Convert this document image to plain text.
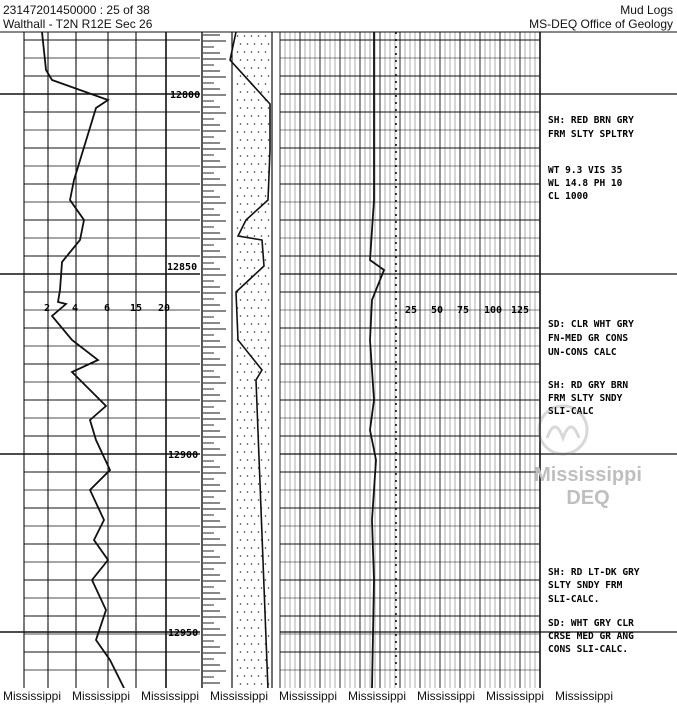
23147201450000 : 25 of 38
Walthall - T2N R12E Sec 26
Mud Logs
MS-DEQ Office of Geology
12800
12850
12900
12950
2 4	6 15 20	25 50 75 100 125
SH: RED BRN GRY
FRM SLTY SPLTRY
WT 9.3 VIS 35
WL 14.8 PH 10
CL 1000
SD: CLR WHT GRY
FN-MED GR CONS
UN-CONS CALC
SH: RD GRY BRN
FRM SLTY SNDY
SLI-CALC
SH: RD LT-DK GRY
SLTY SNDY FRM
SLI-CALC.
SD: WHT GRY CLR
CRSE MED GR ANG
CONS SLI-CALC.
Mississippi
DEQ
Mississippi Mississippi Mississippi Mississippi Mississippi Mississippi Mississippi Mississippi Mississippi
